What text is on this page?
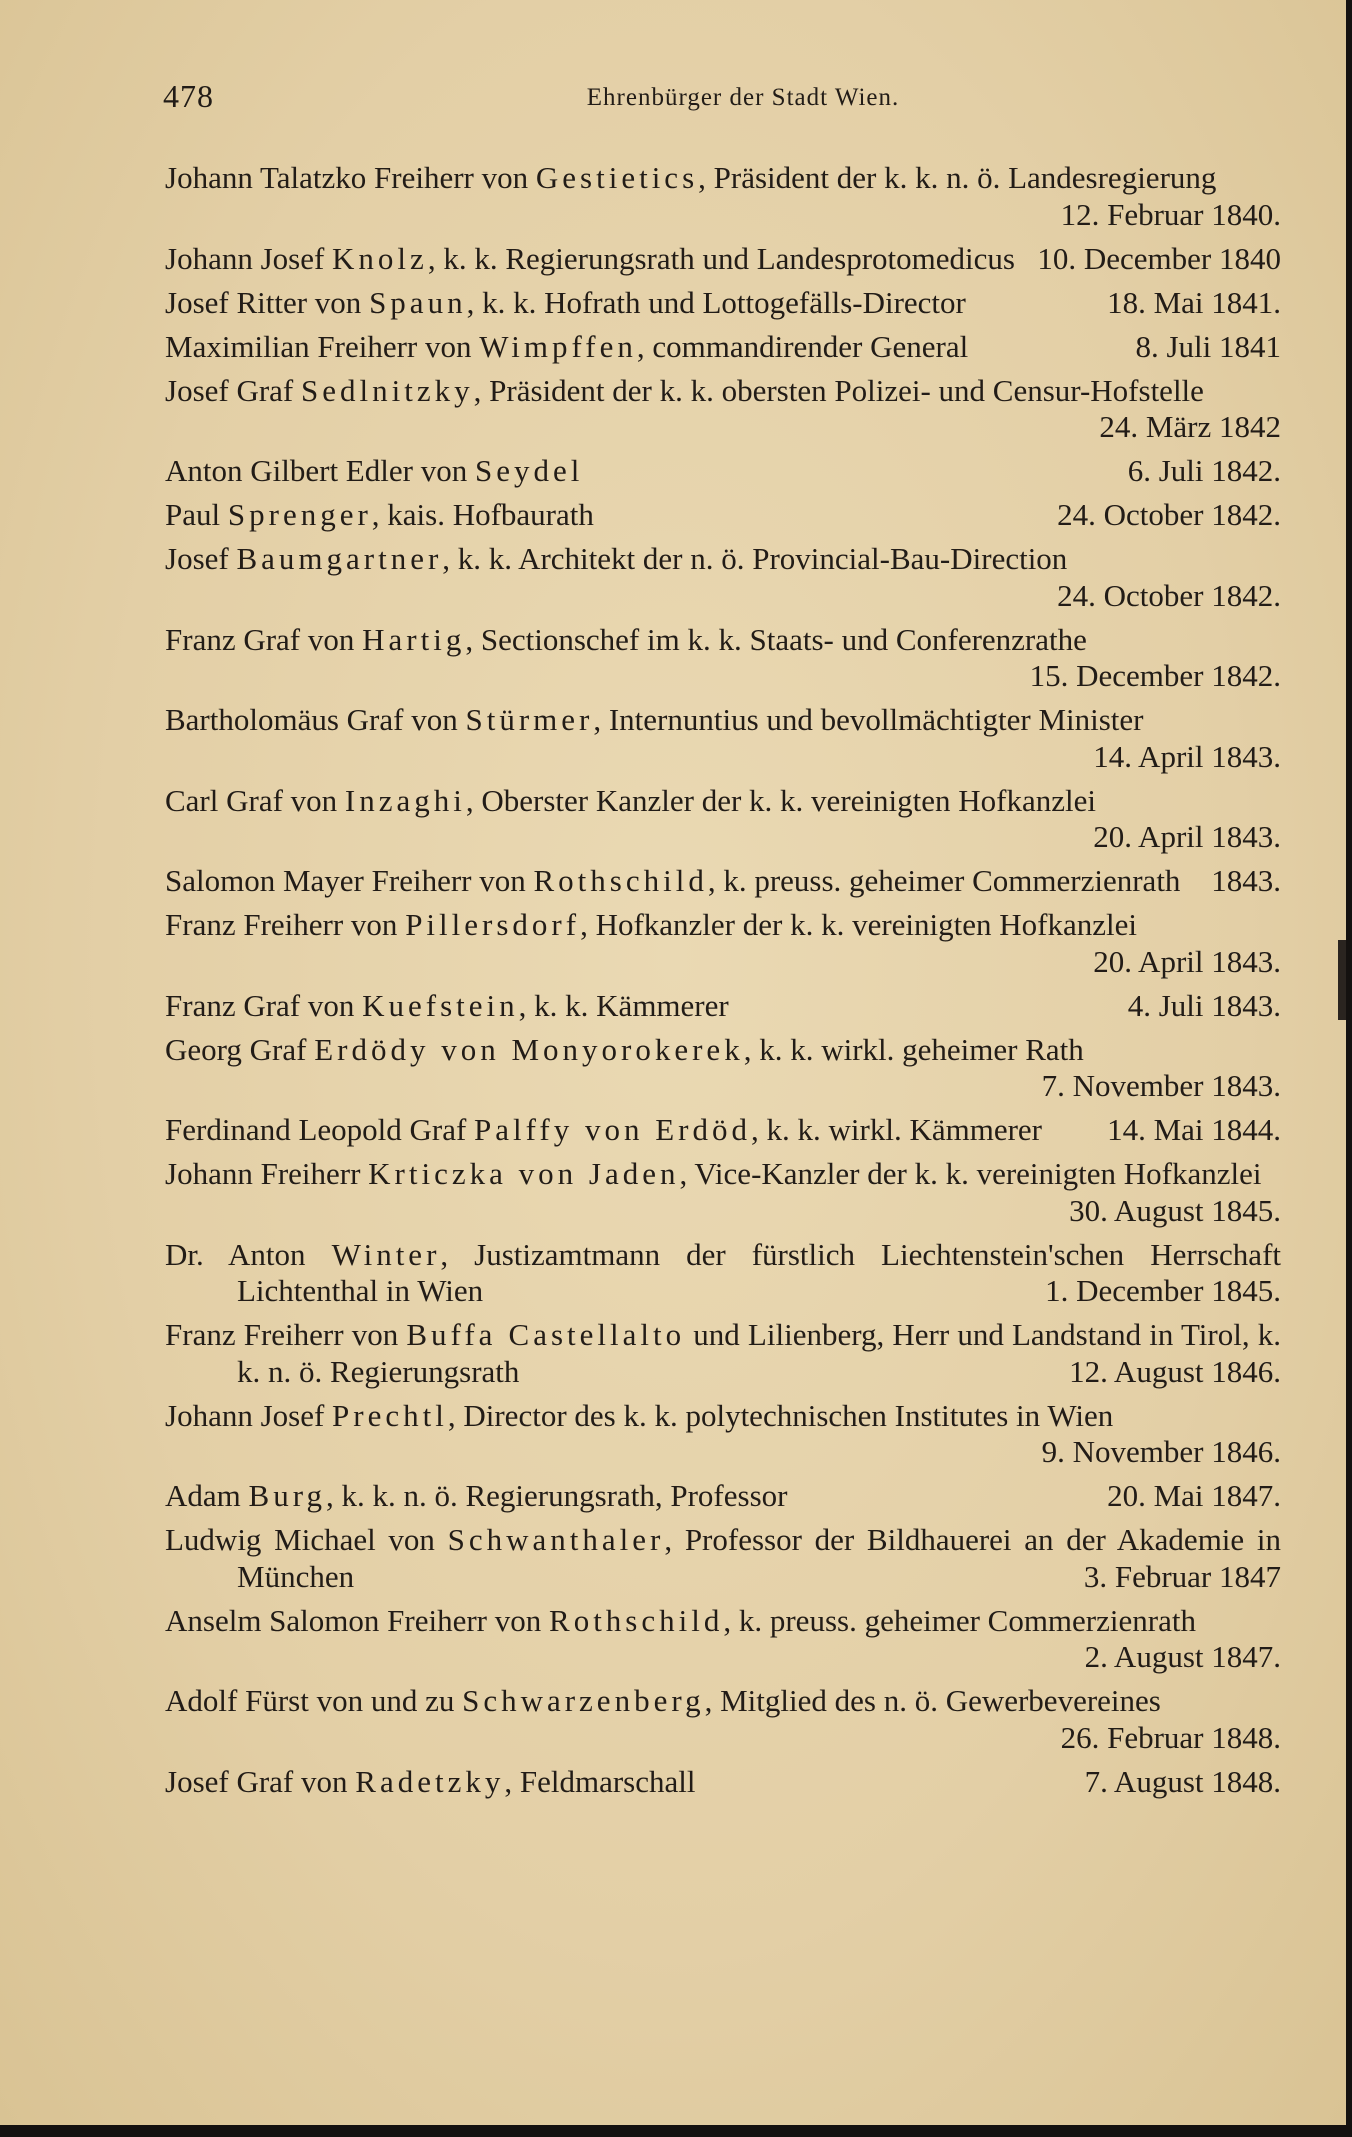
478	Ehrenbürger der Stadt Wien.
Johann Talatzko Freiherr von Gestietics, Präsident der k. k. n. ö. Landesregierung
12. Februar 1840.
Johann Josef Knolz, k. k. Regierungsrath und Landesprotomedicus 10. December 1840
Josef Ritter von Spaun, k. k. Hofrath und Lottogefälls-Director	18. Mai 1841.
Maximilian Freiherr von Wimpffen, commandirender General	8. Juli 1841
Josef Graf Sedlnitzky, Präsident der k. k. obersten Polizei- und Censur-Hofstelle
24. März 1842
Anton Gilbert Edler von Seydel	6. Juli 1842.
Paul Sprenger, kais. Hofbaurath	24. October 1842.
Josef Baumgartner, k. k. Architekt der n. ö. Provincial-Bau-Direction
24. October 1842.
Franz Graf von Hartig, Sectionschef im k. k. Staats- und Conferenzrathe
15. December 1842.
Bartholomäus Graf von Stürmer, Internuntius und bevollmächtigter Minister
14. April 1843.
Carl Graf von Inzaghi, Oberster Kanzler der k. k. vereinigten Hofkanzlei
20. April 1843.
Salomon Mayer Freiherr von Rothschild, k. preuss. geheimer Commerzienrath 1843.
Franz Freiherr von Pillersdorf, Hofkanzler der k. k. vereinigten Hofkanzlei
20. April 1843.
Franz Graf von Kuefstein, k. k. Kämmerer	4. Juli 1843.
Georg Graf Erdödy von Monyorokerek, k. k. wirkl. geheimer Rath
7. November 1843.
Ferdinand Leopold Graf Palffy von Erdöd, k. k. wirkl. Kämmerer	14. Mai 1844.
Johann Freiherr Krticzka von Jaden, Vice-Kanzler der k. k. vereinigten Hofkanzlei
30. August 1845.
Dr. Anton Winter, Justizamtmann der fürstlich Liechtenstein'schen Herrschaft Lichtenthal in Wien	1. December 1845.
Franz Freiherr von Buffa Castellalto und Lilienberg, Herr und Landstand in Tirol, k. k. n. ö. Regierungsrath	12. August 1846.
Johann Josef Prechtl, Director des k. k. polytechnischen Institutes in Wien
9. November 1846.
Adam Burg, k. k. n. ö. Regierungsrath, Professor	20. Mai 1847.
Ludwig Michael von Schwanthaler, Professor der Bildhauerei an der Akademie in München	3. Februar 1847
Anselm Salomon Freiherr von Rothschild, k. preuss. geheimer Commerzienrath
2. August 1847.
Adolf Fürst von und zu Schwarzenberg, Mitglied des n. ö. Gewerbevereines
26. Februar 1848.
Josef Graf von Radetzky, Feldmarschall	7. August 1848.
